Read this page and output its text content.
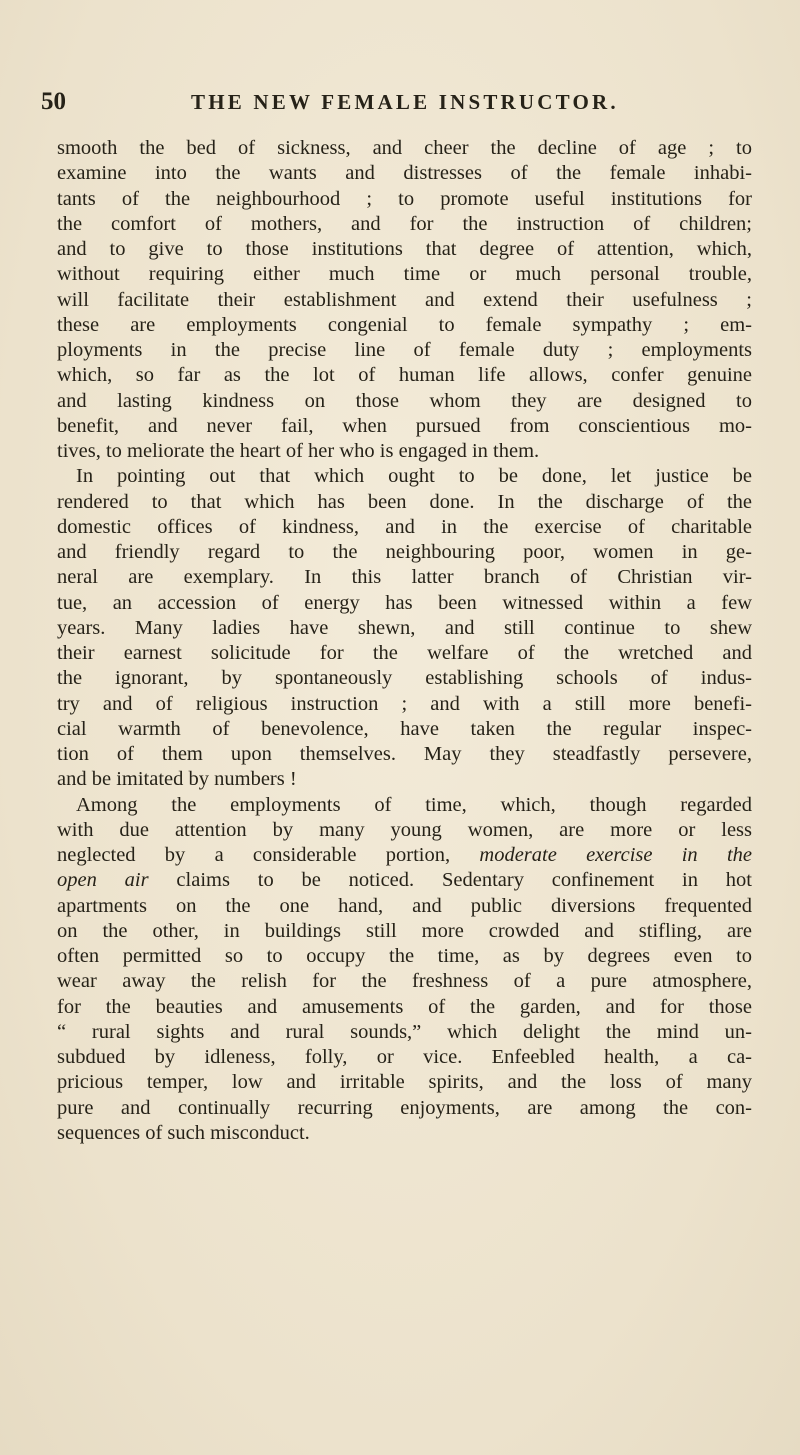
50	THE NEW FEMALE INSTRUCTOR.
smooth the bed of sickness, and cheer the decline of age ; to
examine into the wants and distresses of the female inhabi-
tants of the neighbourhood ; to promote useful institutions for
the comfort of mothers, and for the instruction of children;
and to give to those institutions that degree of attention, which,
without requiring either much time or much personal trouble,
will facilitate their establishment and extend their usefulness ;
these are employments congenial to female sympathy ; em-
ployments in the precise line of female duty ; employments
which, so far as the lot of human life allows, confer genuine
and lasting kindness on those whom they are designed to
benefit, and never fail, when pursued from conscientious mo-
tives, to meliorate the heart of her who is engaged in them.
In pointing out that which ought to be done, let justice be
rendered to that which has been done. In the discharge of the
domestic offices of kindness, and in the exercise of charitable
and friendly regard to the neighbouring poor, women in ge-
neral are exemplary. In this latter branch of Christian vir-
tue, an accession of energy has been witnessed within a few
years. Many ladies have shewn, and still continue to shew
their earnest solicitude for the welfare of the wretched and
the ignorant, by spontaneously establishing schools of indus-
try and of religious instruction ; and with a still more benefi-
cial warmth of benevolence, have taken the regular inspec-
tion of them upon themselves. May they steadfastly persevere,
and be imitated by numbers !
Among the employments of time, which, though regarded
with due attention by many young women, are more or less
neglected by a considerable portion, moderate exercise in the
open air claims to be noticed. Sedentary confinement in hot
apartments on the one hand, and public diversions frequented
on the other, in buildings still more crowded and stifling, are
often permitted so to occupy the time, as by degrees even to
wear away the relish for the freshness of a pure atmosphere,
for the beauties and amusements of the garden, and for those
“ rural sights and rural sounds,” which delight the mind un-
subdued by idleness, folly, or vice. Enfeebled health, a ca-
pricious temper, low and irritable spirits, and the loss of many
pure and continually recurring enjoyments, are among the con-
sequences of such misconduct.
